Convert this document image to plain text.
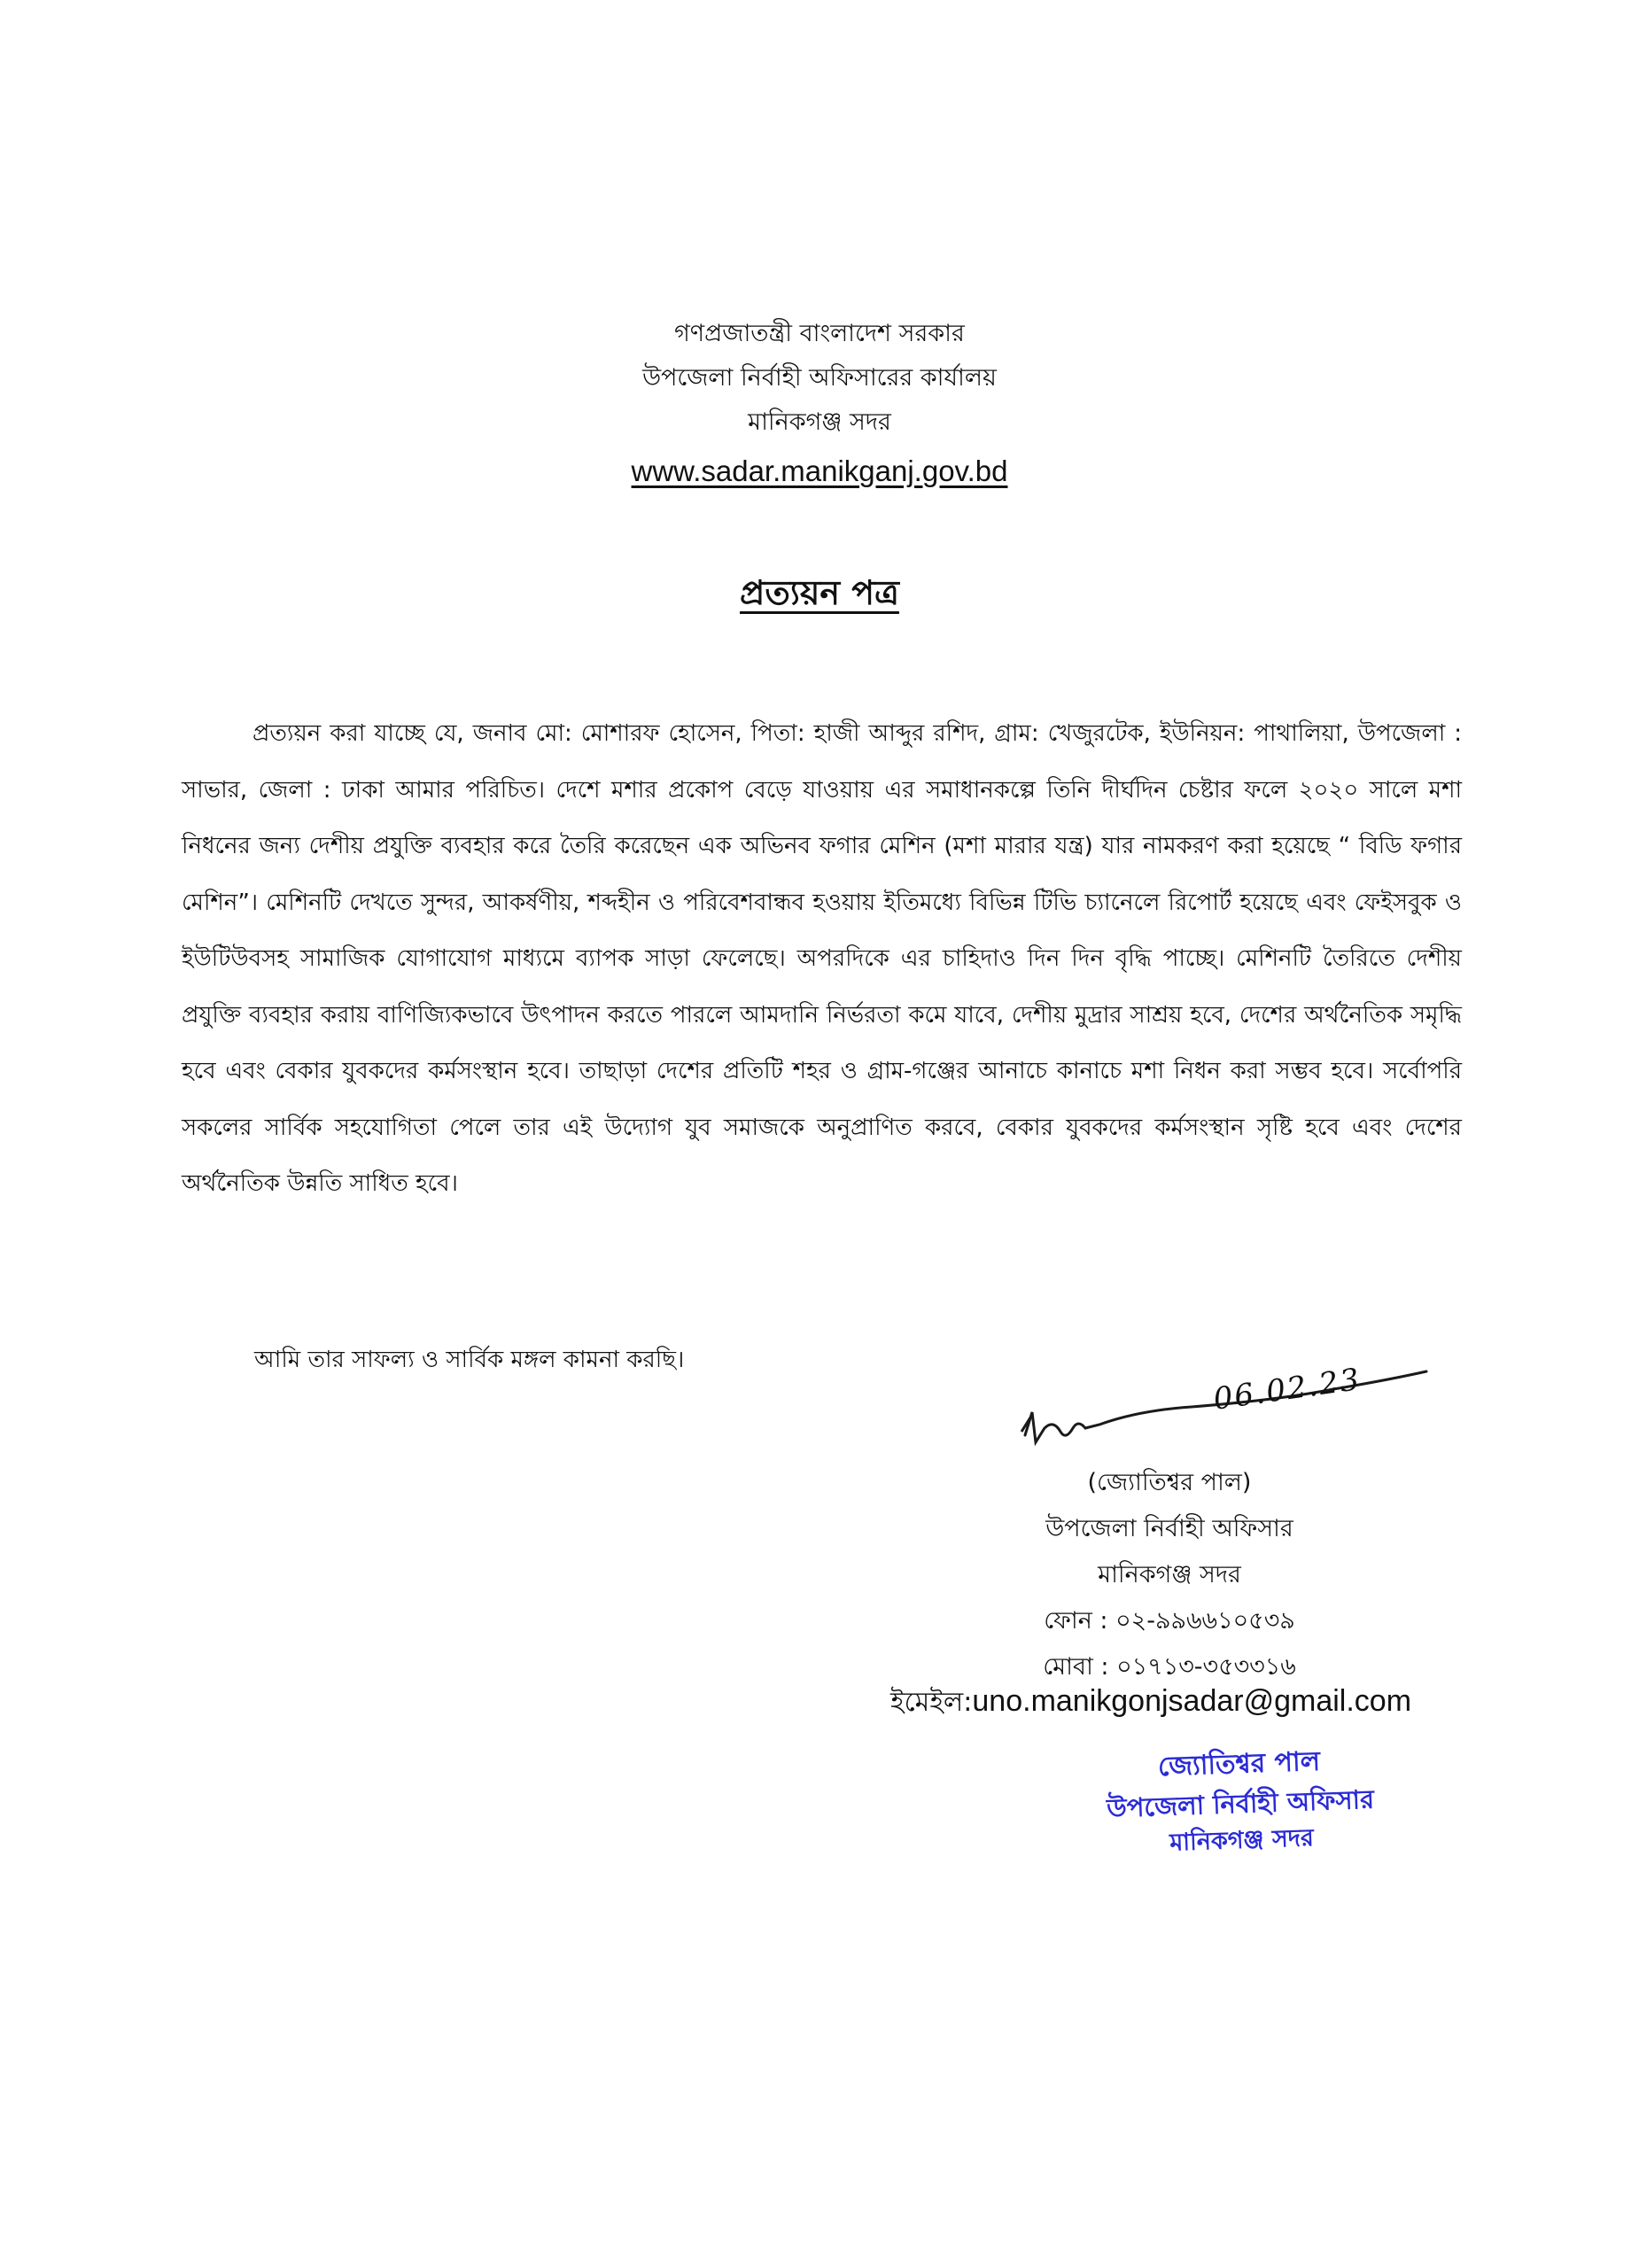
গণপ্রজাতন্ত্রী বাংলাদেশ সরকার
উপজেলা নির্বাহী অফিসারের কার্যালয়
মানিকগঞ্জ সদর
www.sadar.manikganj.gov.bd
প্রত্যয়ন পত্র

প্রত্যয়ন করা যাচ্ছে যে, জনাব মো: মোশারফ হোসেন, পিতা: হাজী আব্দুর রশিদ, গ্রাম: খেজুরটেক, ইউনিয়ন: পাথালিয়া, উপজেলা : সাভার, জেলা : ঢাকা আমার পরিচিত। দেশে মশার প্রকোপ বেড়ে যাওয়ায় এর সমাধানকল্পে তিনি দীর্ঘদিন চেষ্টার ফলে ২০২০ সালে মশা নিধনের জন্য দেশীয় প্রযুক্তি ব্যবহার করে তৈরি করেছেন এক অভিনব ফগার মেশিন (মশা মারার যন্ত্র) যার নামকরণ করা হয়েছে “ বিডি ফগার মেশিন”। মেশিনটি দেখতে সুন্দর, আকর্ষণীয়, শব্দহীন ও পরিবেশবান্ধব হওয়ায় ইতিমধ্যে বিভিন্ন টিভি চ্যানেলে রিপোর্ট হয়েছে এবং ফেইসবুক ও ইউটিউবসহ সামাজিক যোগাযোগ মাধ্যমে ব্যাপক সাড়া ফেলেছে। অপরদিকে এর চাহিদাও দিন দিন বৃদ্ধি পাচ্ছে। মেশিনটি তৈরিতে দেশীয় প্রযুক্তি ব্যবহার করায় বাণিজ্যিকভাবে উৎপাদন করতে পারলে আমদানি নির্ভরতা কমে যাবে, দেশীয় মুদ্রার সাশ্রয় হবে, দেশের অর্থনৈতিক সমৃদ্ধি হবে এবং বেকার যুবকদের কর্মসংস্থান হবে। তাছাড়া দেশের প্রতিটি শহর ও গ্রাম-গঞ্জের আনাচে কানাচে মশা নিধন করা সম্ভব হবে। সর্বোপরি সকলের সার্বিক সহযোগিতা পেলে তার এই উদ্যোগ যুব সমাজকে অনুপ্রাণিত করবে, বেকার যুবকদের কর্মসংস্থান সৃষ্টি হবে এবং দেশের অর্থনৈতিক উন্নতি সাধিত হবে।

আমি তার সাফল্য ও সার্বিক মঙ্গল কামনা করছি।

06.02.23
(জ্যোতিশ্বর পাল)
উপজেলা নির্বাহী অফিসার
মানিকগঞ্জ সদর
ফোন : ০২-৯৯৬৬১০৫৩৯
মোবা : ০১৭১৩-৩৫৩৩১৬
ইমেইল:uno.manikgonjsadar@gmail.com
জ্যোতিশ্বর পাল
উপজেলা নির্বাহী অফিসার
মানিকগঞ্জ সদর
